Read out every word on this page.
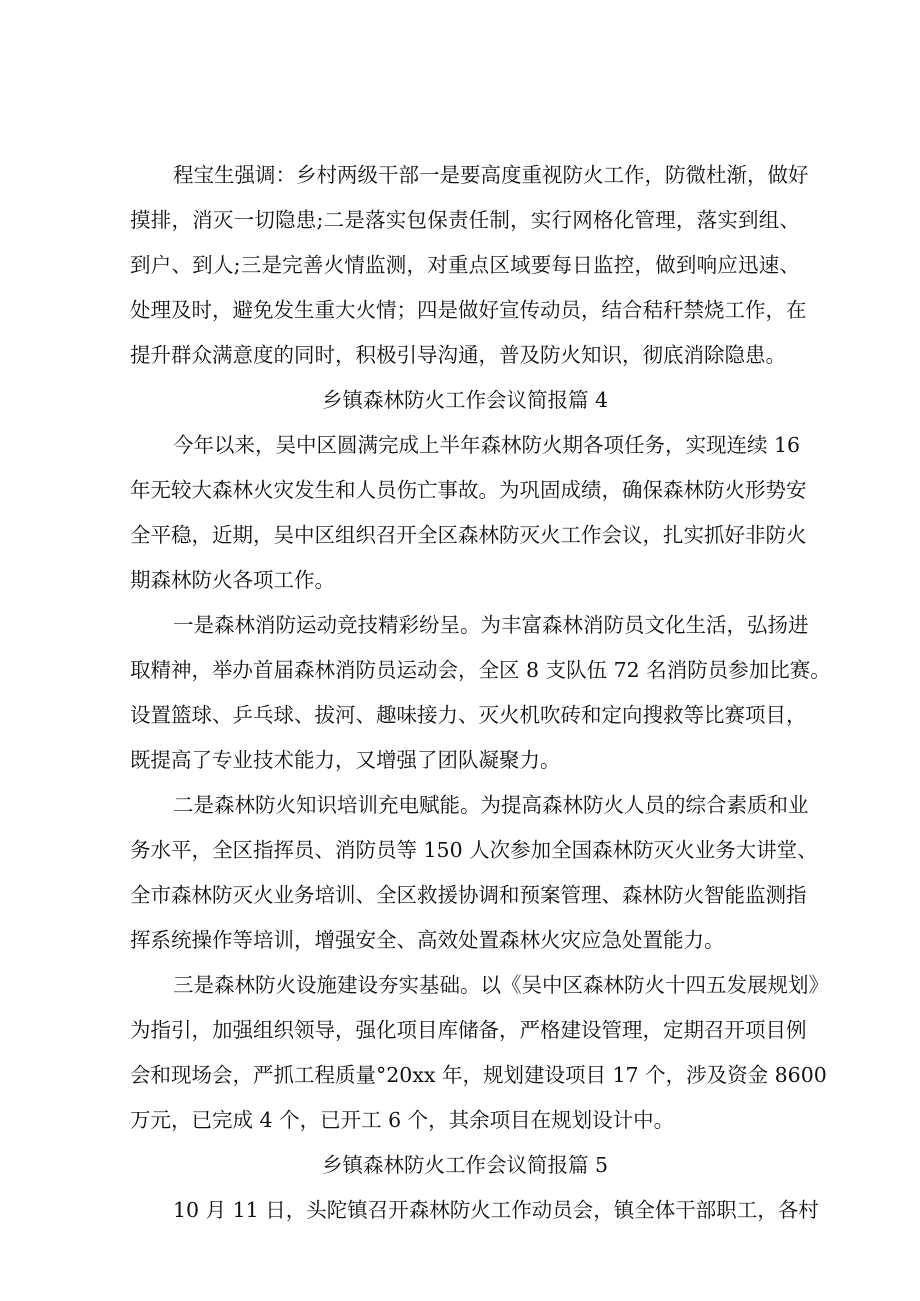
程宝生强调：乡村两级干部一是要高度重视防火工作，防微杜渐，做好
摸排，消灭一切隐患;二是落实包保责任制，实行网格化管理，落实到组、
到户、到人;三是完善火情监测，对重点区域要每日监控，做到响应迅速、
处理及时，避免发生重大火情；四是做好宣传动员，结合秸秆禁烧工作，在
提升群众满意度的同时，积极引导沟通，普及防火知识，彻底消除隐患。
乡镇森林防火工作会议简报篇 4
今年以来，吴中区圆满完成上半年森林防火期各项任务，实现连续 16
年无较大森林火灾发生和人员伤亡事故。为巩固成绩，确保森林防火形势安
全平稳，近期，吴中区组织召开全区森林防灭火工作会议，扎实抓好非防火
期森林防火各项工作。
一是森林消防运动竞技精彩纷呈。为丰富森林消防员文化生活，弘扬进
取精神，举办首届森林消防员运动会，全区 8 支队伍 72 名消防员参加比赛。
设置篮球、乒乓球、拔河、趣味接力、灭火机吹砖和定向搜救等比赛项目，
既提高了专业技术能力，又增强了团队凝聚力。
二是森林防火知识培训充电赋能。为提高森林防火人员的综合素质和业
务水平，全区指挥员、消防员等 150 人次参加全国森林防灭火业务大讲堂、
全市森林防灭火业务培训、全区救援协调和预案管理、森林防火智能监测指
挥系统操作等培训，增强安全、高效处置森林火灾应急处置能力。
三是森林防火设施建设夯实基础。以《吴中区森林防火十四五发展规划》
为指引，加强组织领导，强化项目库储备，严格建设管理，定期召开项目例
会和现场会，严抓工程质量°20xx 年，规划建设项目 17 个，涉及资金 8600
万元，已完成 4 个，已开工 6 个，其余项目在规划设计中。
乡镇森林防火工作会议简报篇 5
10 月 11 日，头陀镇召开森林防火工作动员会，镇全体干部职工，各村
